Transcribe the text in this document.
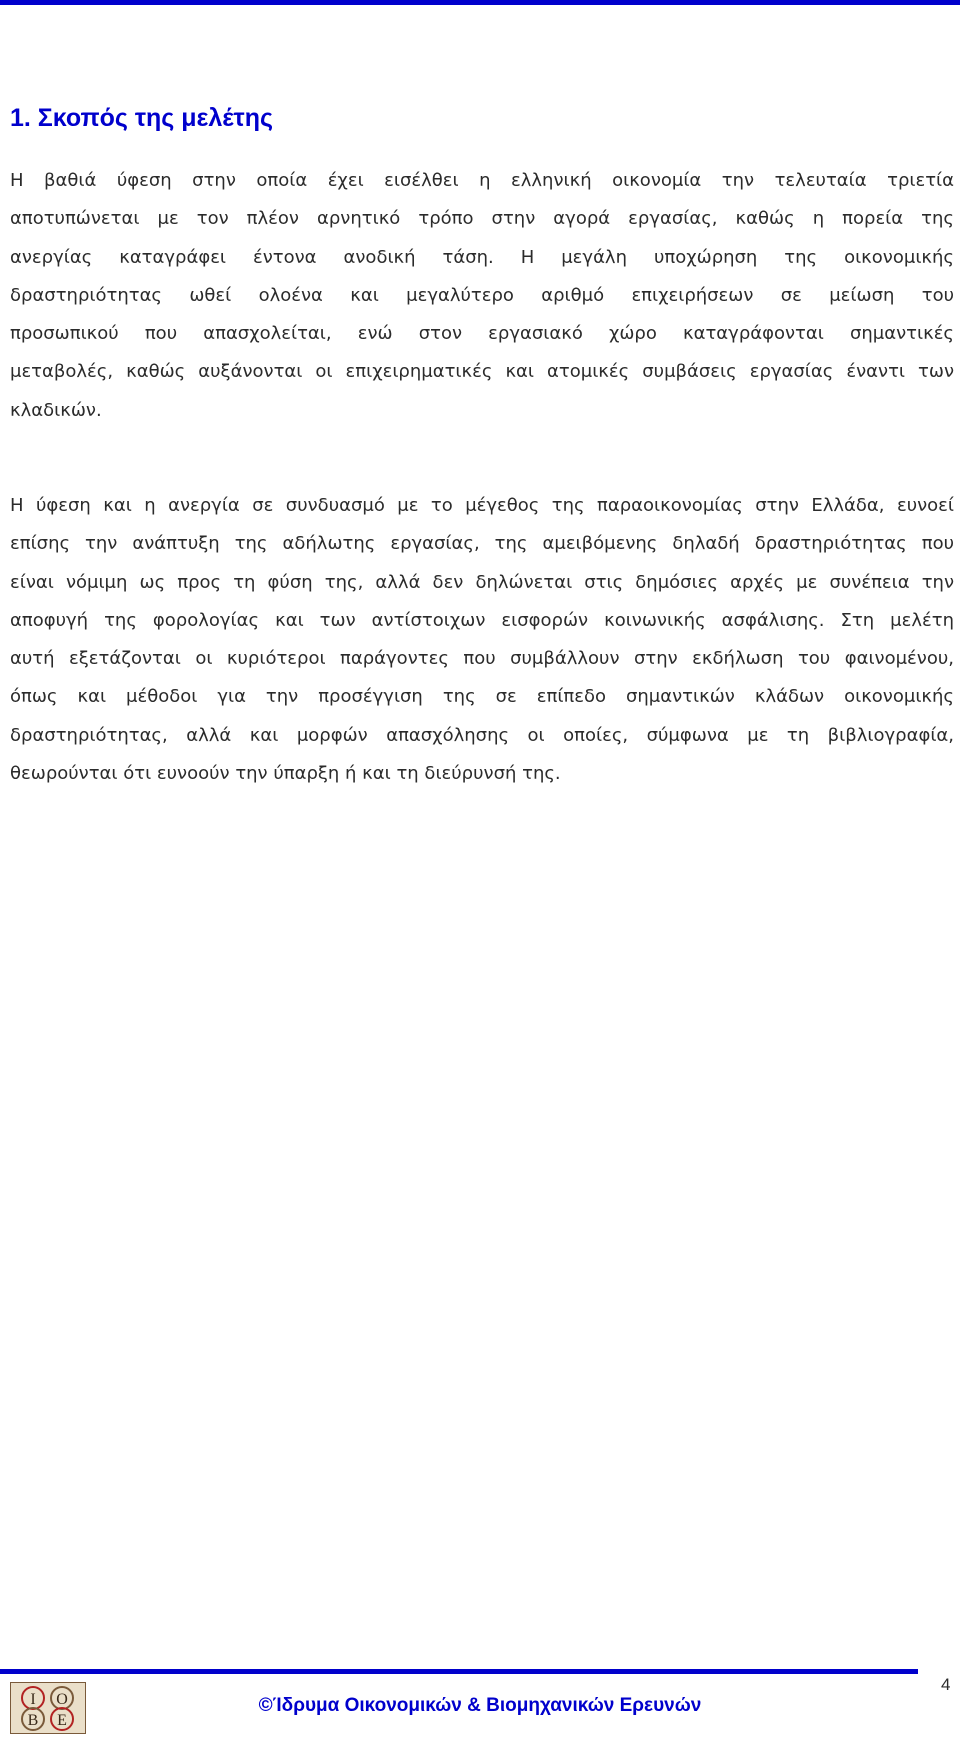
1. Σκοπός της μελέτης
Η βαθιά ύφεση στην οποία έχει εισέλθει η ελληνική οικονομία την τελευταία τριετία
αποτυπώνεται με τον πλέον αρνητικό τρόπο στην αγορά εργασίας, καθώς η πορεία της
ανεργίας καταγράφει έντονα ανοδική τάση. Η μεγάλη υποχώρηση της οικονομικής
δραστηριότητας ωθεί ολοένα και μεγαλύτερο αριθμό επιχειρήσεων σε μείωση του
προσωπικού που απασχολείται, ενώ στον εργασιακό χώρο καταγράφονται σημαντικές
μεταβολές, καθώς αυξάνονται οι επιχειρηματικές και ατομικές συμβάσεις εργασίας έναντι των
κλαδικών.
Η ύφεση και η ανεργία σε συνδυασμό με το μέγεθος της παραοικονομίας στην Ελλάδα, ευνοεί
επίσης την ανάπτυξη της αδήλωτης εργασίας, της αμειβόμενης δηλαδή δραστηριότητας που
είναι νόμιμη ως προς τη φύση της, αλλά δεν δηλώνεται στις δημόσιες αρχές με συνέπεια την
αποφυγή της φορολογίας και των αντίστοιχων εισφορών κοινωνικής ασφάλισης. Στη μελέτη
αυτή εξετάζονται οι κυριότεροι παράγοντες που συμβάλλουν στην εκδήλωση του φαινομένου,
όπως και μέθοδοι για την προσέγγιση της σε επίπεδο σημαντικών κλάδων οικονομικής
δραστηριότητας, αλλά και μορφών απασχόλησης οι οποίες, σύμφωνα με τη βιβλιογραφία,
θεωρούνται ότι ευνοούν την ύπαρξη ή και τη διεύρυνσή της.
I O
B E
©Ίδρυμα Οικονομικών & Βιομηχανικών Ερευνών
4
